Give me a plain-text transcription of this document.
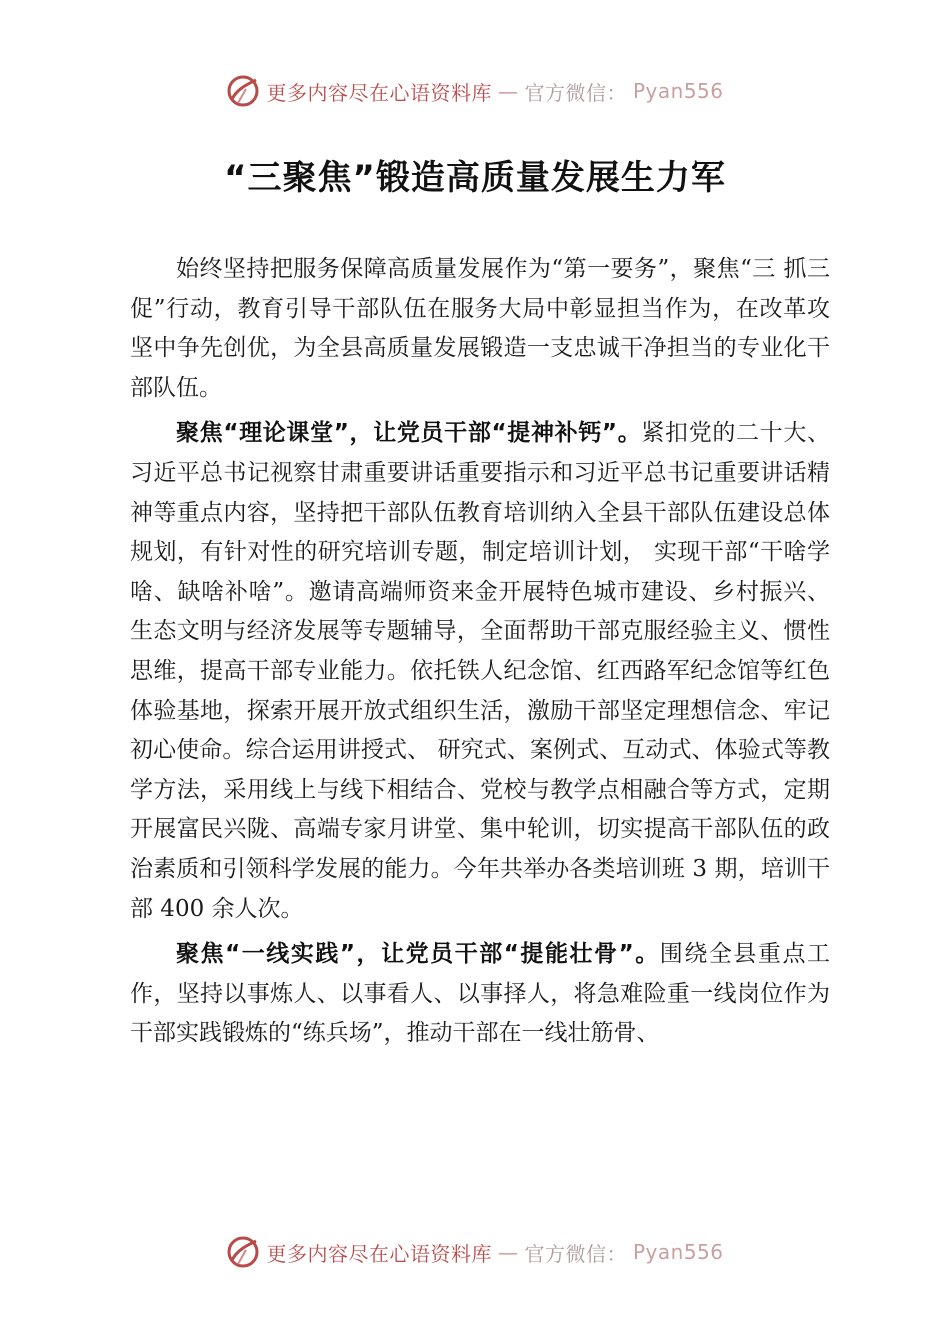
更多内容尽在心语资料库 — 官方微信： Pyan556
“三聚焦”锻造高质量发展生力军

始终坚持把服务保障高质量发展作为“第一要务”，聚焦“三 抓三促”行动，教育引导干部队伍在服务大局中彰显担当作为，在改革攻坚中争先创优，为全县高质量发展锻造一支忠诚干净担当的专业化干部队伍。

聚焦“理论课堂”，让党员干部“提神补钙”。紧扣党的二十大、习近平总书记视察甘肃重要讲话重要指示和习近平总书记重要讲话精神等重点内容，坚持把干部队伍教育培训纳入全县干部队伍建设总体规划，有针对性的研究培训专题，制定培训计划， 实现干部“干啥学啥、缺啥补啥”。邀请高端师资来金开展特色城市建设、乡村振兴、生态文明与经济发展等专题辅导，全面帮助干部克服经验主义、惯性思维，提高干部专业能力。依托铁人纪念馆、红西路军纪念馆等红色体验基地，探索开展开放式组织生活，激励干部坚定理想信念、牢记初心使命。综合运用讲授式、 研究式、案例式、互动式、体验式等教学方法，采用线上与线下相结合、党校与教学点相融合等方式，定期开展富民兴陇、高端专家月讲堂、集中轮训，切实提高干部队伍的政治素质和引领科学发展的能力。今年共举办各类培训班 3 期，培训干部 400 余人次。

聚焦“一线实践”，让党员干部“提能壮骨”。围绕全县重点工作，坚持以事炼人、以事看人、以事择人，将急难险重一线岗位作为干部实践锻炼的“练兵场”，推动干部在一线壮筋骨、

更多内容尽在心语资料库 — 官方微信： Pyan556
